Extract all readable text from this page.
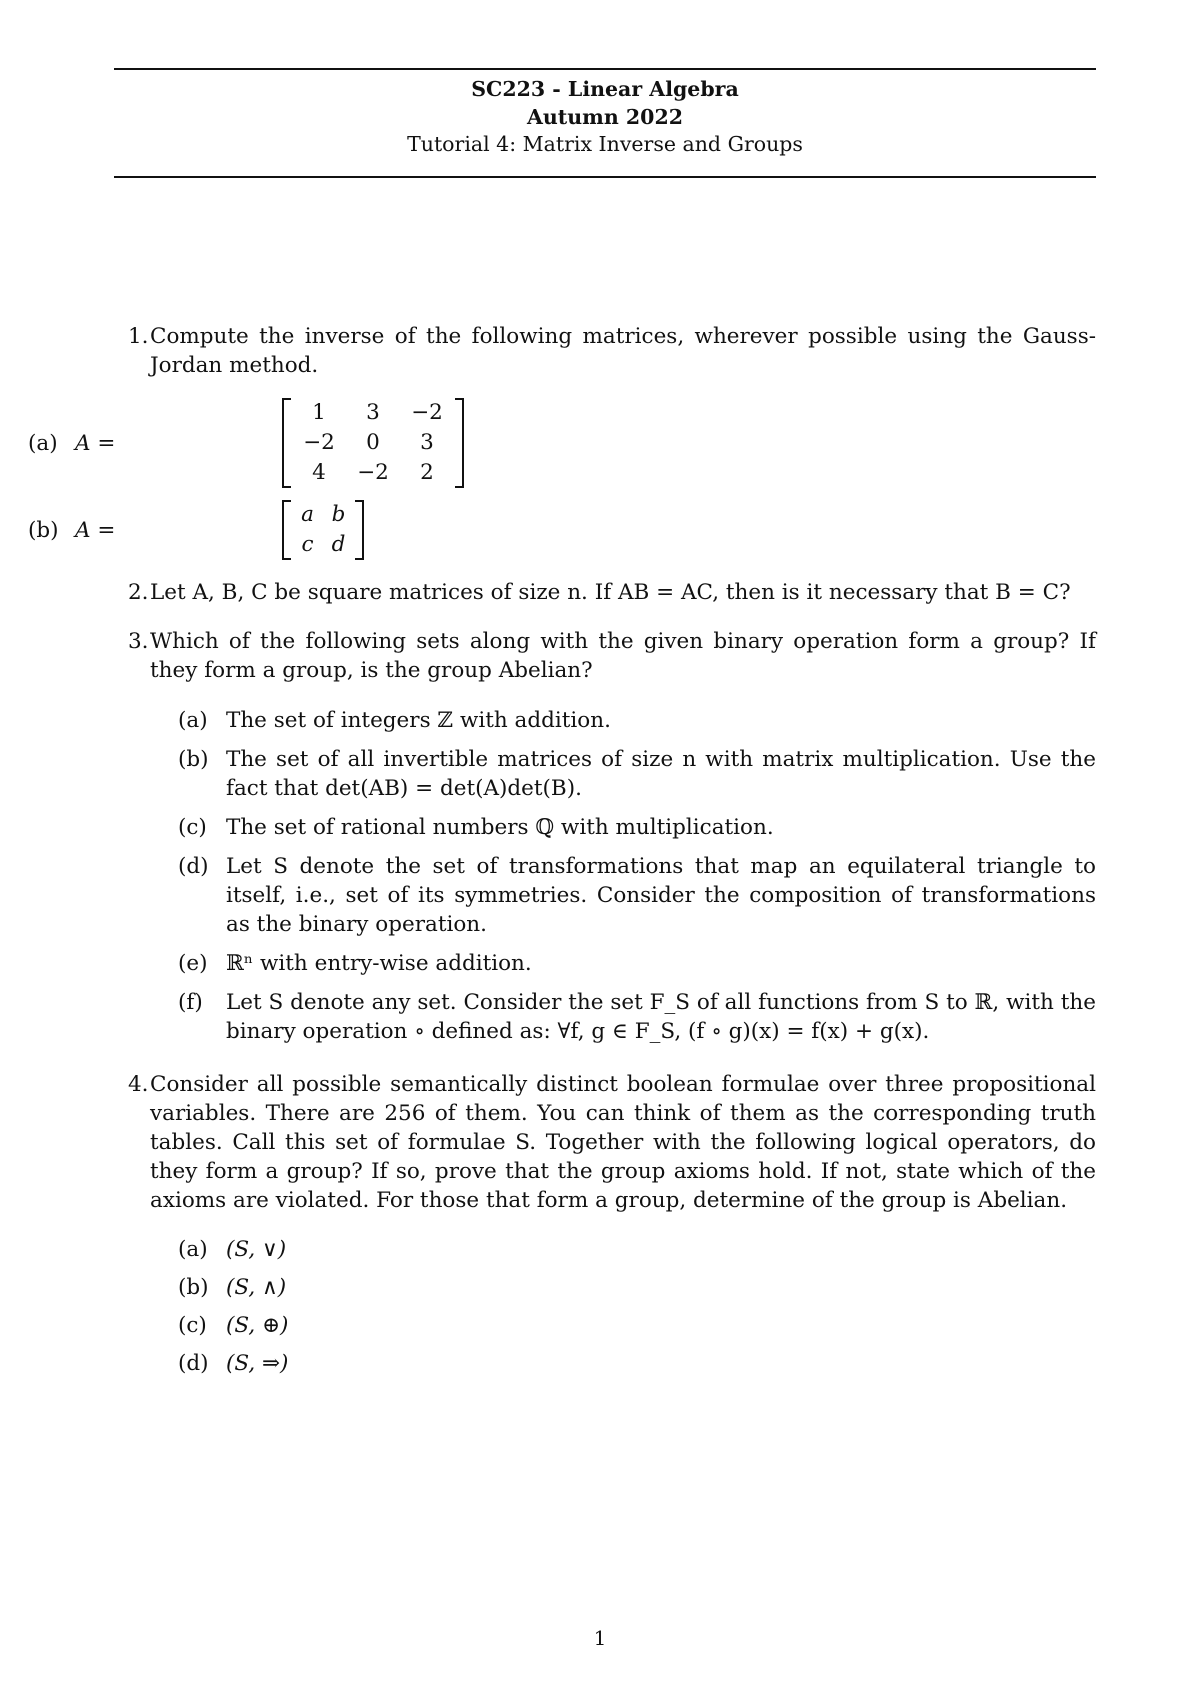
SC223 - Linear Algebra
Autumn 2022
Tutorial 4: Matrix Inverse and Groups
1. Compute the inverse of the following matrices, wherever possible using the Gauss-Jordan method.
(a) A =
1	3	−2
−2	0	3
4	−2	2
(b) A =
a b
c d
2. Let A, B, C be square matrices of size n. If AB = AC, then is it necessary that B = C?
3. Which of the following sets along with the given binary operation form a group? If they form a group, is the group Abelian?
(a) The set of integers ℤ with addition.
(b) The set of all invertible matrices of size n with matrix multiplication. Use the fact that det(AB) = det(A)det(B).
(c) The set of rational numbers ℚ with multiplication.
(d) Let S denote the set of transformations that map an equilateral triangle to itself, i.e., set of its symmetries. Consider the composition of transformations as the binary operation.
(e) ℝⁿ with entry-wise addition.
(f) Let S denote any set. Consider the set F_S of all functions from S to ℝ, with the binary operation ∘ defined as: ∀f, g ∈ F_S, (f ∘ g)(x) = f(x) + g(x).
4. Consider all possible semantically distinct boolean formulae over three propositional variables. There are 256 of them. You can think of them as the corresponding truth tables. Call this set of formulae S. Together with the following logical operators, do they form a group? If so, prove that the group axioms hold. If not, state which of the axioms are violated. For those that form a group, determine of the group is Abelian.
(a) (S, ∨)
(b) (S, ∧)
(c) (S, ⊕)
(d) (S, ⇒)
1
